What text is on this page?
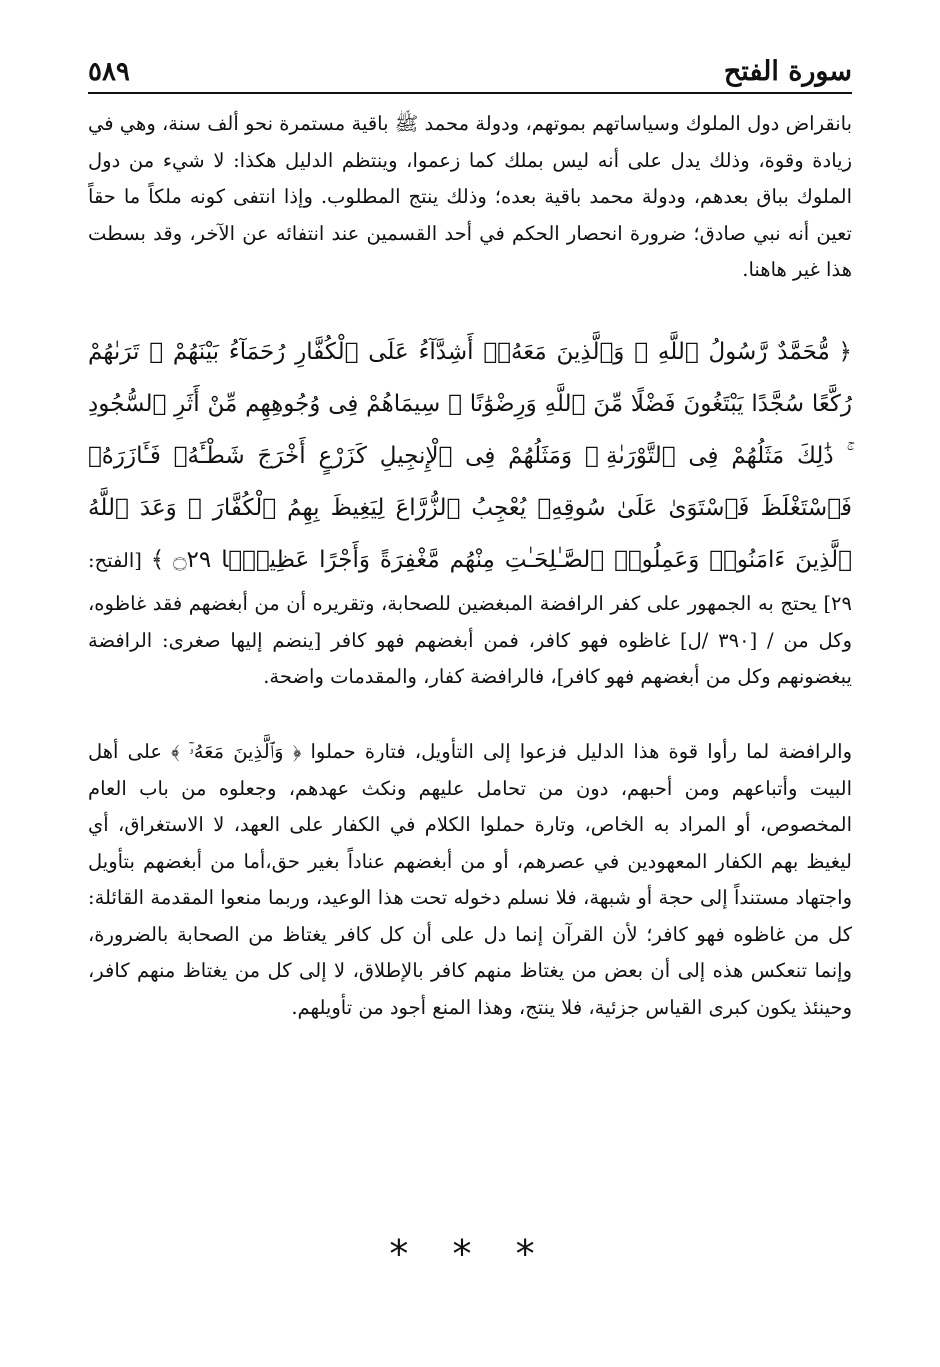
سورة الفتح
٥٨٩

بانقراض دول الملوك وسياساتهم بموتهم، ودولة محمد ﷺ باقية مستمرة نحو ألف سنة، وهي في زيادة وقوة، وذلك يدل على أنه ليس بملك كما زعموا، وينتظم الدليل هكذا: لا شيء من دول الملوك بباق بعدهم، ودولة محمد باقية بعده؛ وذلك ينتج المطلوب. وإذا انتفى كونه ملكاً ما حقاً تعين أنه نبي صادق؛ ضرورة انحصار الحكم في أحد القسمين عند انتفائه عن الآخر، وقد بسطت هذا غير هاهنا.

﴿ مُّحَمَّدٌ رَّسُولُ ٱللَّهِ ۚ وَٱلَّذِينَ مَعَهُۥٓ أَشِدَّآءُ عَلَى ٱلْكُفَّارِ رُحَمَآءُ بَيْنَهُمْ ۖ تَرَىٰهُمْ رُكَّعًا سُجَّدًا يَبْتَغُونَ فَضْلًا مِّنَ ٱللَّهِ وَرِضْوَٰنًا ۖ سِيمَاهُمْ فِى وُجُوهِهِم مِّنْ أَثَرِ ٱلسُّجُودِ ۚ ذَٰلِكَ مَثَلُهُمْ فِى ٱلتَّوْرَىٰةِ ۚ وَمَثَلُهُمْ فِى ٱلْإِنجِيلِ كَزَرْعٍ أَخْرَجَ شَطْـَٔهُۥ فَـَٔازَرَهُۥ فَٱسْتَغْلَظَ فَٱسْتَوَىٰ عَلَىٰ سُوقِهِۦ يُعْجِبُ ٱلزُّرَّاعَ لِيَغِيظَ بِهِمُ ٱلْكُفَّارَ ۗ وَعَدَ ٱللَّهُ ٱلَّذِينَ ءَامَنُوا۟ وَعَمِلُوا۟ ٱلصَّـٰلِحَـٰتِ مِنْهُم مَّغْفِرَةً وَأَجْرًا عَظِيمًۢا ۝٢٩ ﴾ [الفتح: ٢٩] يحتج به الجمهور على كفر الرافضة المبغضين للصحابة، وتقريره أن من أبغضهم فقد غاظوه، وكل من / [٣٩٠ /ل] غاظوه فهو كافر، فمن أبغضهم فهو كافر [ينضم إليها صغرى: الرافضة يبغضونهم وكل من أبغضهم فهو كافر]، فالرافضة كفار، والمقدمات واضحة.

والرافضة لما رأوا قوة هذا الدليل فزعوا إلى التأويل، فتارة حملوا ﴿ وَٱلَّذِينَ مَعَهُۥٓ ﴾ على أهل البيت وأتباعهم ومن أحبهم، دون من تحامل عليهم ونكث عهدهم، وجعلوه من باب العام المخصوص، أو المراد به الخاص، وتارة حملوا الكلام في الكفار على العهد، لا الاستغراق، أي ليغيظ بهم الكفار المعهودين في عصرهم، أو من أبغضهم عناداً بغير حق،أما من أبغضهم بتأويل واجتهاد مستنداً إلى حجة أو شبهة، فلا نسلم دخوله تحت هذا الوعيد، وربما منعوا المقدمة القائلة: كل من غاظوه فهو كافر؛ لأن القرآن إنما دل على أن كل كافر يغتاظ من الصحابة بالضرورة، وإنما تنعكس هذه إلى أن بعض من يغتاظ منهم كافر بالإطلاق، لا إلى كل من يغتاظ منهم كافر، وحينئذ يكون كبرى القياس جزئية، فلا ينتج، وهذا المنع أجود من تأويلهم.

* * *
